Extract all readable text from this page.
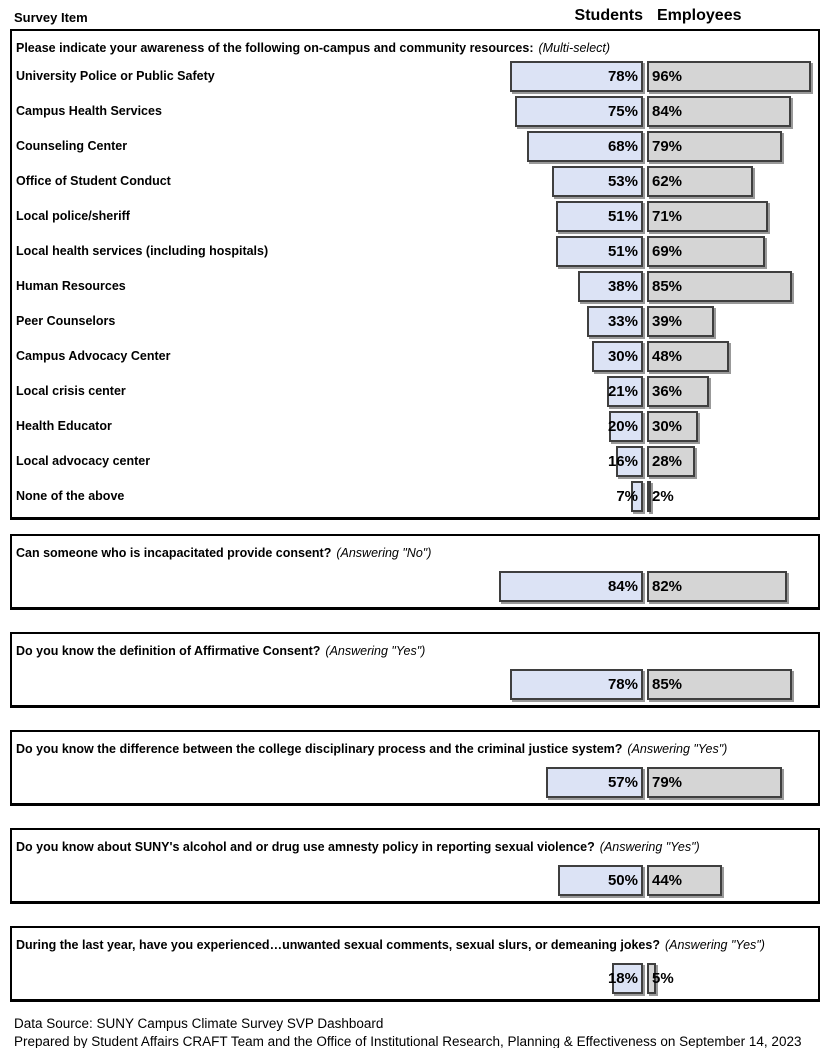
Survey Item	Students Employees
Please indicate your awareness of the following on-campus and community resources: (Multi-select)
University Police or Public Safety	78% 96%
Campus Health Services	75% 84%
Counseling Center	68% 79%
Office of Student Conduct	53% 62%
Local police/sheriff	51% 71%
Local health services (including hospitals)	51% 69%
Human Resources	38% 85%
Peer Counselors	33% 39%
Campus Advocacy Center	30% 48%
Local crisis center	21% 36%
Health Educator	20% 30%
Local advocacy center	16% 28%
None of the above	7% 2%
Can someone who is incapacitated provide consent? (Answering "No")
84% 82%
Do you know the definition of Affirmative Consent? (Answering "Yes")
78% 85%
Do you know the difference between the college disciplinary process and the criminal justice system? (Answering "Yes")
57% 79%
Do you know about SUNY's alcohol and or drug use amnesty policy in reporting sexual violence? (Answering "Yes")
50% 44%
During the last year, have you experienced…unwanted sexual comments, sexual slurs, or demeaning jokes? (Answering "Yes")
18% 5%
Data Source: SUNY Campus Climate Survey SVP Dashboard
Prepared by Student Affairs CRAFT Team and the Office of Institutional Research, Planning & Effectiveness on September 14, 2023
